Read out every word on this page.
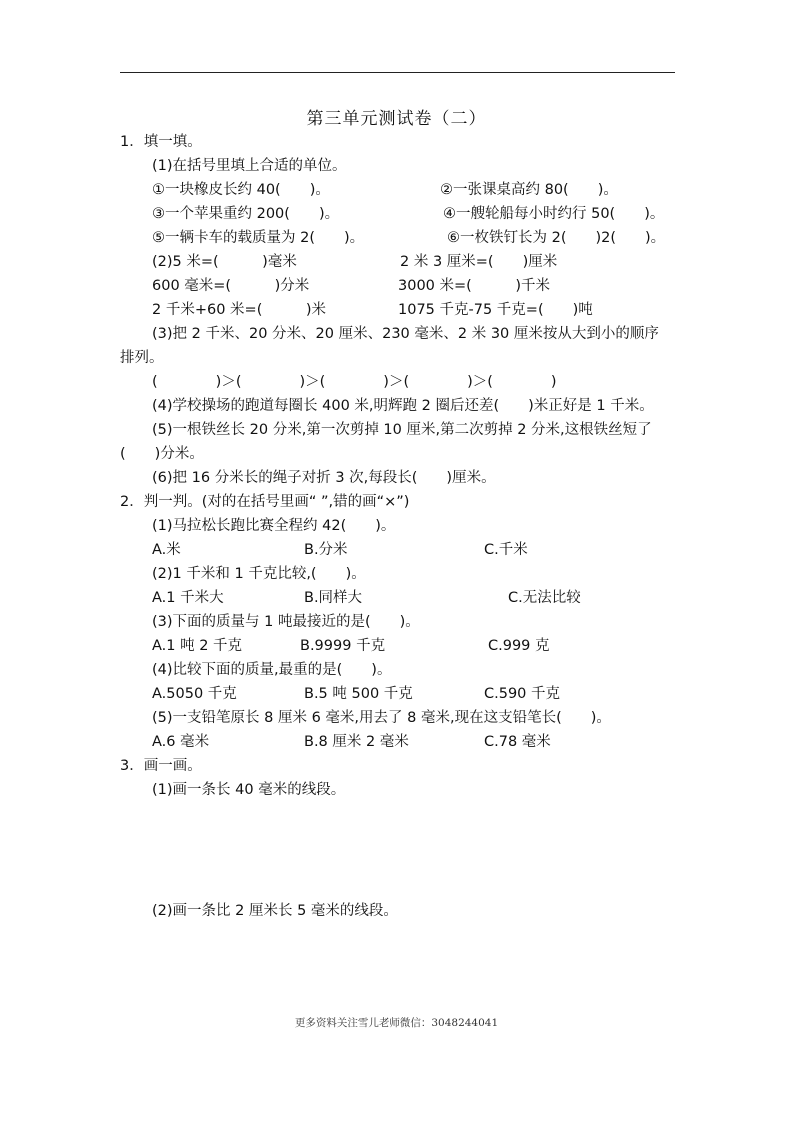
第三单元测试卷（二）
1．填一填。
(1)在括号里填上合适的单位。
①一块橡皮长约 40(　　)。	②一张课桌高约 80(　　)。
③一个苹果重约 200(　　)。	④一艘轮船每小时约行 50(　　)。
⑤一辆卡车的载质量为 2(　　)。	⑥一枚铁钉长为 2(　　)2(　　)。
(2)5 米=(　　　)毫米	2 米 3 厘米=(　　)厘米
600 毫米=(　　　)分米	3000 米=(　　　)千米
2 千米+60 米=(　　　)米	1075 千克-75 千克=(　　)吨
(3)把 2 千米、20 分米、20 厘米、230 毫米、2 米 30 厘米按从大到小的顺序
排列。
(　　　　)＞(　　　　)＞(　　　　)＞(　　　　)＞(　　　　)
(4)学校操场的跑道每圈长 400 米,明辉跑 2 圈后还差(　　)米正好是 1 千米。
(5)一根铁丝长 20 分米,第一次剪掉 10 厘米,第二次剪掉 2 分米,这根铁丝短了
(　　)分米。
(6)把 16 分米长的绳子对折 3 次,每段长(　　)厘米。
2．判一判。(对的在括号里画“ ”,错的画“×”)
(1)马拉松长跑比赛全程约 42(　　)。
A.米	B.分米	C.千米
(2)1 千米和 1 千克比较,(　　)。
A.1 千米大	B.同样大	C.无法比较
(3)下面的质量与 1 吨最接近的是(　　)。
A.1 吨 2 千克	B.9999 千克	C.999 克
(4)比较下面的质量,最重的是(　　)。
A.5050 千克	B.5 吨 500 千克	C.590 千克
(5)一支铅笔原长 8 厘米 6 毫米,用去了 8 毫米,现在这支铅笔长(　　)。
A.6 毫米	B.8 厘米 2 毫米	C.78 毫米
3．画一画。
(1)画一条长 40 毫米的线段。
(2)画一条比 2 厘米长 5 毫米的线段。
更多资料关注雪儿老师微信：3048244041
